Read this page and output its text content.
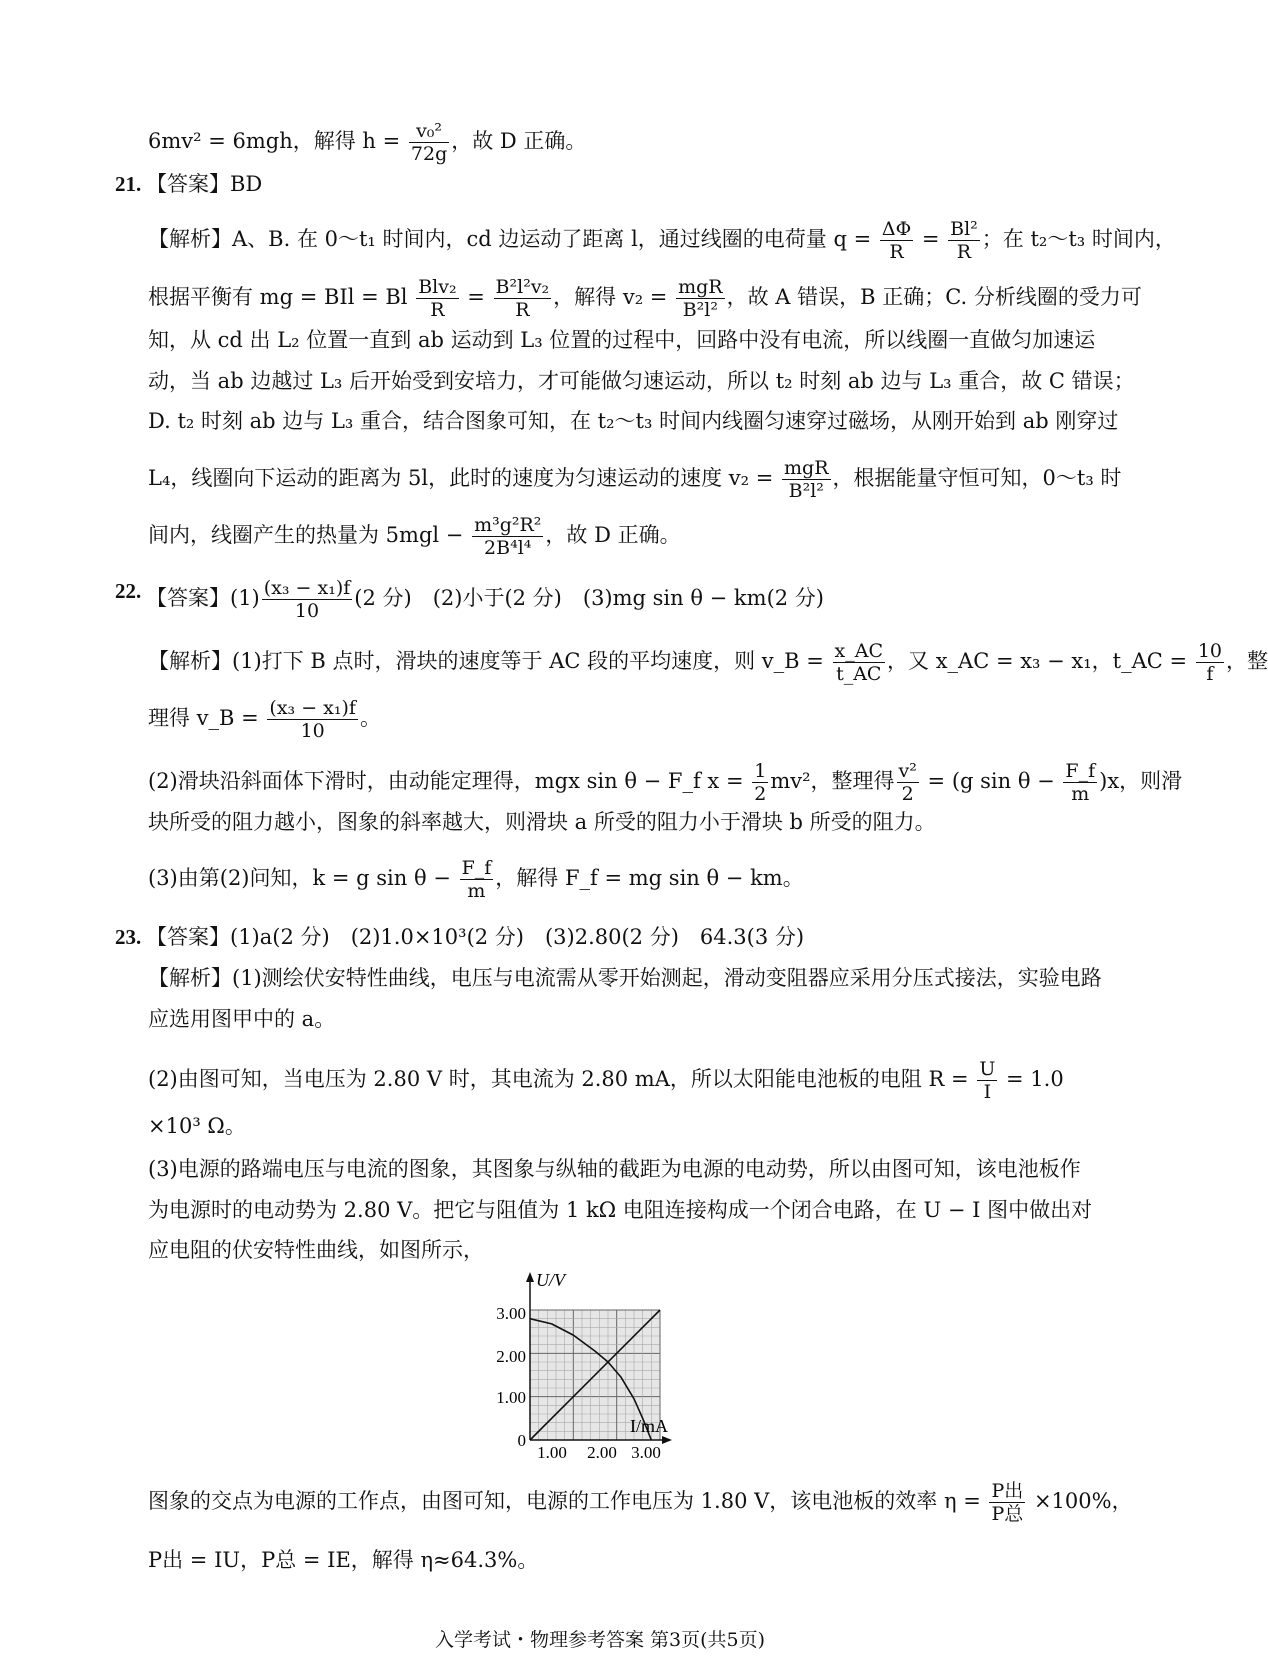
6mv² = 6mgh，解得 $h = \frac{\text{v₀²}}{72g}$ ，故 D 正确。
21. 【答案】BD
【解析】A、B. 在 0～t₁ 时间内，cd 边运动了距离 l，通过线圈的电荷量 $q = \frac{\Delta\Phi}{R} = \frac{\text{Bl²}}{R}$ ；在 t₂～t₃ 时间内，
根据平衡有 mg = BIl = Bl Blv₂
R
= $\frac{\text{B²l²v₂}}{R}$ ，解得 v₂ = mgR
B²l²
，故 A 错误，B 正确；C. 分析线圈的受力可
知，从 cd 出 L₂ 位置一直到 ab 运动到 L₃ 位置的过程中，回路中没有电流，所以线圈一直做匀加速运
动，当 ab 边越过 L₃ 后开始受到安培力，才可能做匀速运动，所以 t₂ 时刻 ab 边与 L₃ 重合，故 C 错误；
D. t₂ 时刻 ab 边与 L₃ 重合，结合图象可知，在 t₂～t₃ 时间内线圈匀速穿过磁场，从刚开始到 ab 刚穿过
L₄，线圈向下运动的距离为 5l，此时的速度为匀速运动的速度 v₂ = mgR
B²l²
，根据能量守恒可知，0～t₃ 时
间内，线圈产生的热量为 $5mgl - \frac{\text{m³g²R²}}{\text{2B⁴l⁴}}$ ，故 D 正确。
22. 【答案】$(1) \frac{\text{(x₃ − x₁)f}}{10} (2$ 分)　(2)小于(2 分)　(3)mg sin θ − km(2 分)
【解析】(1)打下 B 点时，滑块的速度等于 AC 段的平均速度，则 v_B = $\frac{x\_AC}{t\_AC}$ ，又 x_AC = x₃ − x₁，t_AC = $\frac{10}{f}$ ，整
理得 v_B = $\frac{\text{(x₃ − x₁)f}}{10}$ 。
(2)滑块沿斜面体下滑时，由动能定理得，mgx sin θ − F_f $x = \frac{1}{2} mv^2$，整理得 $\frac{\text{v²}}{2} = (g$ $\sin \theta - \frac{F\_f}{m} )x$，则滑
块所受的阻力越小，图象的斜率越大，则滑块 a 所受的阻力小于滑块 b 所受的阻力。
(3)由第(2)问知，k = g $\sin \theta - \frac{F\_f}{m}$ ，解得 F_f = mg sin θ − km。
23. 【答案】(1)a(2 分)　(2)1.0×10³(2 分)　(3)2.80(2 分)　64.3(3 分)
【解析】(1)测绘伏安特性曲线，电压与电流需从零开始测起，滑动变阻器应采用分压式接法，实验电路
应选用图甲中的 a。
(2)由图可知，当电压为 2.80 V 时，其电流为 2.80 mA，所以太阳能电池板的电阻 $R = \frac{U}{I} = 1.0$
×10³ Ω。
(3)电源的路端电压与电流的图象，其图象与纵轴的截距为电源的电动势，所以由图可知，该电池板作
为电源时的电动势为 2.80 V。把它与阻值为 1 kΩ 电阻连接构成一个闭合电路，在 U − I 图中做出对
应电阻的伏安特性曲线，如图所示，
U/V
I/mA
3.00
2.00
1.00
0
1.00 2.00 3.00
图象的交点为电源的工作点，由图可知，电源的工作电压为 1.80 V，该电池板的效率 η = P出
P总
×100%，
P出 = IU，P总 = IE，解得 η≈64.3%。
入学考试・物理参考答案 第3页(共5页)
